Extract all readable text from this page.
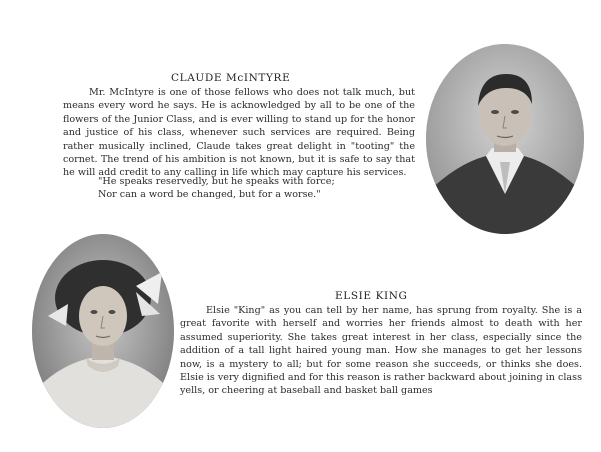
CLAUDE McINTYRE

Mr. McIntyre is one of those fellows who does not talk much, but means every word he says. He is acknowledged by all to be one of the flowers of the Junior Class, and is ever willing to stand up for the honor and justice of his class, whenever such services are required. Being rather musically inclined, Claude takes great delight in "tooting" the cornet. The trend of his ambition is not known, but it is safe to say that he will add credit to any calling in life which may capture his services.

"He speaks reservedly, but he speaks with force;
Nor can a word be changed, but for a worse."
ELSIE KING

Elsie "King" as you can tell by her name, has sprung from royalty. She is a great favorite with herself and worries her friends almost to death with her assumed superiority. She takes great interest in her class, especially since the addition of a tall light haired young man. How she manages to get her lessons now, is a mystery to all; but for some reason she succeeds, or thinks she does. Elsie is very dignified and for this reason is rather backward about joining in class yells, or cheering at baseball and basket ball games
